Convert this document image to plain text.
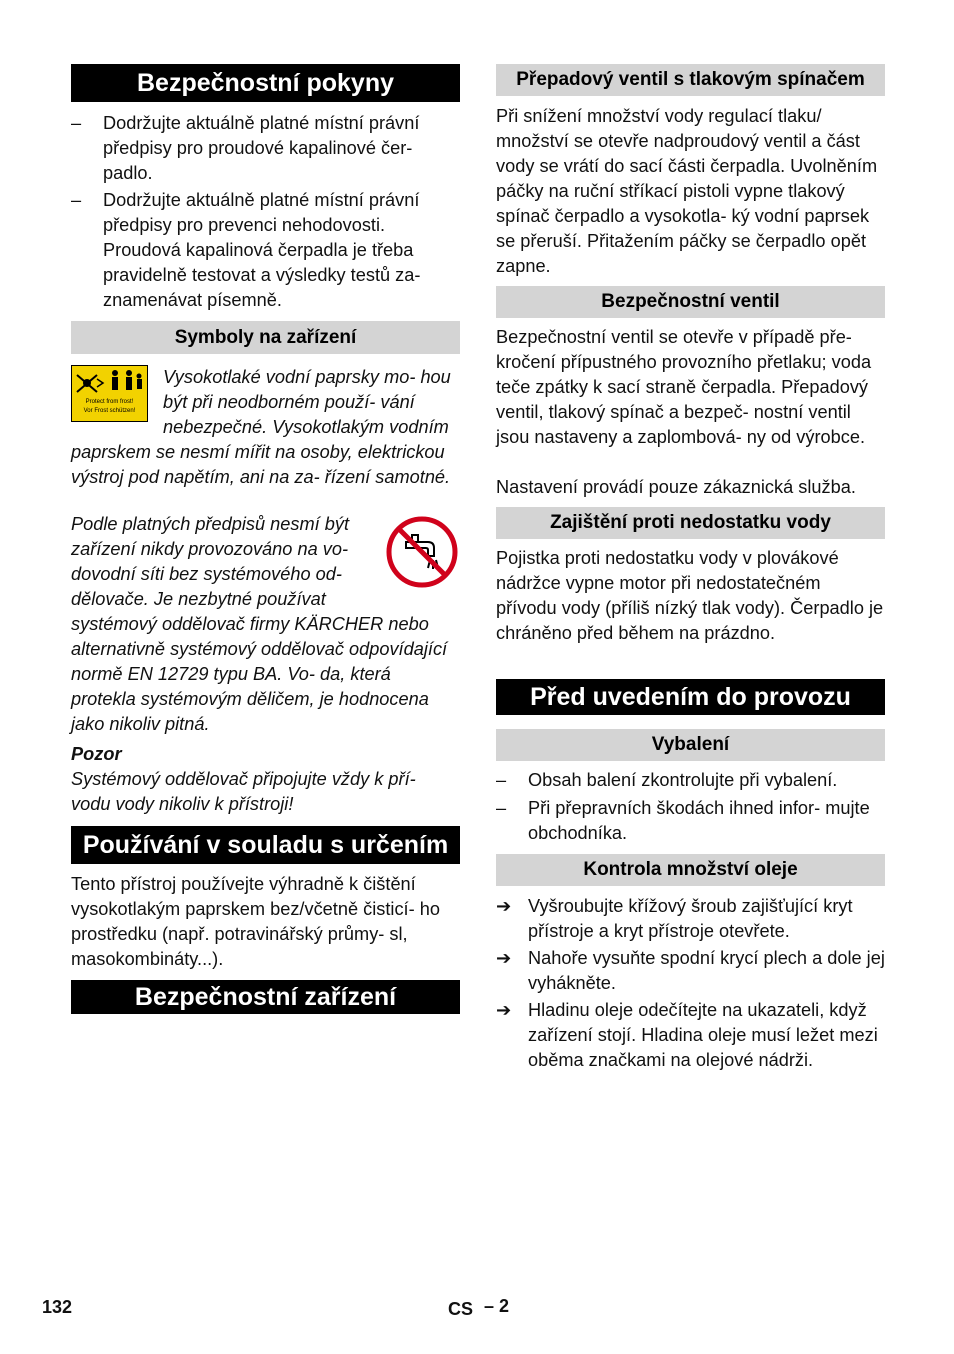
Bezpečnostní pokyny
–	Dodržujte aktuálně platné místní právní předpisy pro proudové kapalinové čer- padlo.
–	Dodržujte aktuálně platné místní právní předpisy pro prevenci nehodovosti. Proudová kapalinová čerpadla je třeba pravidelně testovat a výsledky testů za- znamenávat písemně.
Symboly na zařízení
Protect from frost!
Vor Frost schützen!

Vysokotlaké vodní paprsky mo- hou být při neodborném použí- vání nebezpečné. Vysokotlakým vodním paprskem se nesmí mířit na osoby, elektrickou výstroj pod napětím, ani na za- řízení samotné.

Podle platných předpisů nesmí být zařízení nikdy provozováno na vo- dovodní síti bez systémového od- dělovače. Je nezbytné používat systémový oddělovač firmy KÄRCHER nebo alternativně systémový oddělovač odpovídající normě EN 12729 typu BA. Vo- da, která protekla systémovým děličem, je hodnocena jako nikoliv pitná.

Pozor

Systémový oddělovač připojujte vždy k pří- vodu vody nikoliv k přístroji!

Používání v souladu s určením

Tento přístroj používejte výhradně k čištění vysokotlakým paprskem bez/včetně čisticí- ho prostředku (např. potravinářský průmy- sl, masokombináty...).

Bezpečnostní zařízení
Přepadový ventil s tlakovým spínačem

Při snížení množství vody regulací tlaku/ množství se otevře nadproudový ventil a část vody se vrátí do sací části čerpadla. Uvolněním páčky na ruční stříkací pistoli vypne tlakový spínač čerpadlo a vysokotla- ký vodní paprsek se přeruší. Přitažením páčky se čerpadlo opět zapne.

Bezpečnostní ventil

Bezpečnostní ventil se otevře v případě pře- kročení přípustného provozního přetlaku; voda teče zpátky k sací straně čerpadla. Přepadový ventil, tlakový spínač a bezpeč- nostní ventil jsou nastaveny a zaplombová- ny od výrobce.

Nastavení provádí pouze zákaznická služba.

Zajištění proti nedostatku vody

Pojistka proti nedostatku vody v plovákové nádržce vypne motor při nedostatečném přívodu vody (příliš nízký tlak vody). Čerpadlo je chráněno před během na prázdno.

Před uvedením do provozu
Vybalení
–	Obsah balení zkontrolujte při vybalení.
–	Při přepravních škodách ihned infor- mujte obchodníka.
Kontrola množství oleje
➔ Vyšroubujte křížový šroub zajišťující kryt přístroje a kryt přístroje otevřete.
➔ Nahoře vysuňte spodní krycí plech a dole jej vyhákněte.
➔ Hladinu oleje odečítejte na ukazateli, když zařízení stojí. Hladina oleje musí ležet mezi oběma značkami na olejové nádrži.
132	CS – 2
